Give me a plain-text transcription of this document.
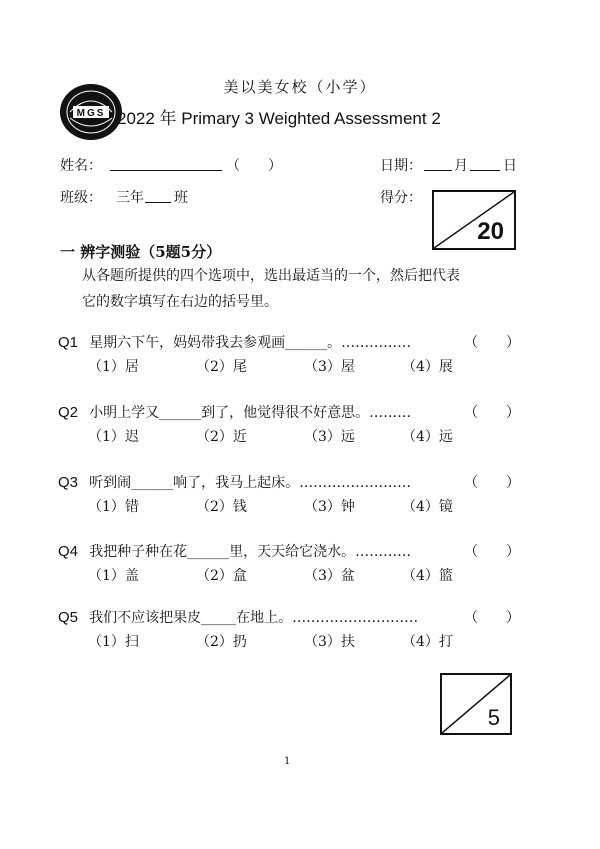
美以美女校（小学）
MGS 2022 年 Primary 3 Weighted Assessment 2
姓名：	（　　）	日期： 月	日
班级： 三年 班	得分：
20
一 辨字测验（5题5分）
从各题所提供的四个选项中，选出最适当的一个，然后把代表
它的数字填写在右边的括号里。
Q1 星期六下午，妈妈带我去参观画______。……………	（　　）
（1）居	（2）尾	（3）屋	（4）展
Q2 小明上学又______到了，他觉得很不好意思。………	（　　）
（1）迟	（2）近	（3）远	（4）远
Q3 听到闹______响了，我马上起床。……………………	（　　）
（1）错	（2）钱	（3）钟	（4）镜
Q4 我把种子种在花______里，天天给它浇水。…………	（　　）
（1）盖	（2）盒	（3）盆	（4）篮
Q5 我们不应该把果皮_____在地上。………………………	（　　）
（1）扫	（2）扔	（3）扶	（4）打
5
1
